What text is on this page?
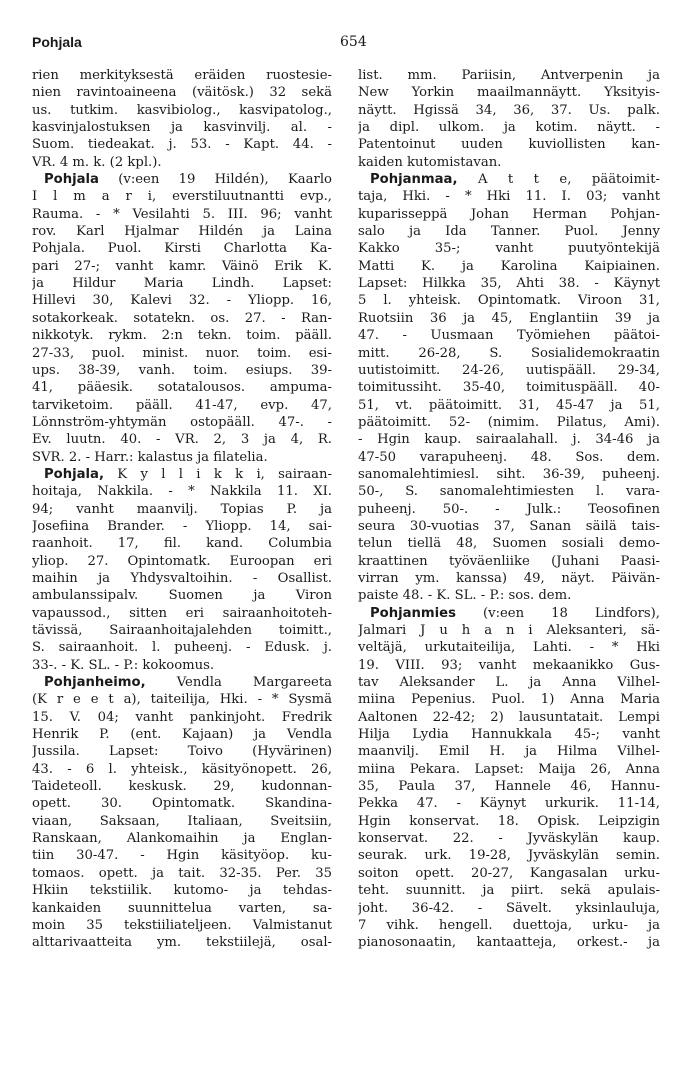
Pohjala	654
rien merkityksestä eräiden ruostesie-
nien ravintoaineena (väitösk.) 32 sekä
us. tutkim. kasvibiolog., kasvipatolog.,
kasvinjalostuksen ja kasvinvilj. al. -
Suom. tiedeakat. j. 53. - Kapt. 44. -
VR. 4 m. k. (2 kpl.).
Pohjala (v:een 19 Hildén), Kaarlo
I l m a r i, everstiluutnantti evp.,
Rauma. - * Vesilahti 5. III. 96; vanht
rov. Karl Hjalmar Hildén ja Laina
Pohjala. Puol. Kirsti Charlotta Ka-
pari 27-; vanht kamr. Väinö Erik K.
ja Hildur Maria Lindh. Lapset:
Hillevi 30, Kalevi 32. - Yliopp. 16,
sotakorkeak. sotatekn. os. 27. - Ran-
nikkotyk. rykm. 2:n tekn. toim. pääll.
27-33, puol. minist. nuor. toim. esi-
ups. 38-39, vanh. toim. esiups. 39-
41, pääesik. sotatalousos. ampuma-
tarviketoim. pääll. 41-47, evp. 47,
Lönnström-yhtymän ostopääll. 47-. -
Ev. luutn. 40. - VR. 2, 3 ja 4, R.
SVR. 2. - Harr.: kalastus ja filatelia.
Pohjala, K y l l i k k i, sairaan-
hoitaja, Nakkila. - * Nakkila 11. XI.
94; vanht maanvilj. Topias P. ja
Josefiina Brander. - Yliopp. 14, sai-
raanhoit. 17, fil. kand. Columbia
yliop. 27. Opintomatk. Euroopan eri
maihin ja Yhdysvaltoihin. - Osallist.
ambulanssipalv. Suomen ja Viron
vapaussod., sitten eri sairaanhoitoteh-
tävissä, Sairaanhoitajalehden toimitt.,
S. sairaanhoit. l. puheenj. - Edusk. j.
33-. - K. SL. - P.: kokoomus.
Pohjanheimo, Vendla Margareeta
(K r e e t a), taiteilija, Hki. - * Sysmä
15. V. 04; vanht pankinjoht. Fredrik
Henrik P. (ent. Kajaan) ja Vendla
Jussila. Lapset: Toivo (Hyvärinen)
43. - 6 l. yhteisk., käsityönopett. 26,
Taideteoll. keskusk. 29, kudonnan-
opett. 30. Opintomatk. Skandina-
viaan, Saksaan, Italiaan, Sveitsiin,
Ranskaan, Alankomaihin ja Englan-
tiin 30-47. - Hgin käsityöop. ku-
tomaos. opett. ja tait. 32-35. Per. 35
Hkiin tekstiilik. kutomo- ja tehdas-
kankaiden suunnittelua varten, sa-
moin 35 tekstiiliateljeen. Valmistanut
alttarivaatteita ym. tekstiilejä, osal-
list. mm. Pariisin, Antverpenin ja
New Yorkin maailmannäytt. Yksityis-
näytt. Hgissä 34, 36, 37. Us. palk.
ja dipl. ulkom. ja kotim. näytt. -
Patentoinut uuden kuviollisten kan-
kaiden kutomistavan.
Pohjanmaa, A t t e, päätoimit-
taja, Hki. - * Hki 11. I. 03; vanht
kuparisseppä Johan Herman Pohjan-
salo ja Ida Tanner. Puol. Jenny
Kakko 35-; vanht puutyöntekijä
Matti K. ja Karolina Kaipiainen.
Lapset: Hilkka 35, Ahti 38. - Käynyt
5 l. yhteisk. Opintomatk. Viroon 31,
Ruotsiin 36 ja 45, Englantiin 39 ja
47. - Uusmaan Työmiehen päätoi-
mitt. 26-28, S. Sosialidemokraatin
uutistoimitt. 24-26, uutispääll. 29-34,
toimitussiht. 35-40, toimituspääll. 40-
51, vt. päätoimitt. 31, 45-47 ja 51,
päätoimitt. 52- (nimim. Pilatus, Ami).
- Hgin kaup. sairaalahall. j. 34-46 ja
47-50 varapuheenj. 48. Sos. dem.
sanomalehtimiesl. siht. 36-39, puheenj.
50-, S. sanomalehtimiesten l. vara-
puheenj. 50-. - Julk.: Teosofinen
seura 30-vuotias 37, Sanan säilä tais-
telun tiellä 48, Suomen sosiali demo-
kraattinen työväenliike (Juhani Paasi-
virran ym. kanssa) 49, näyt. Päivän-
paiste 48. - K. SL. - P.: sos. dem.
Pohjanmies (v:een 18 Lindfors),
Jalmari J u h a n i Aleksanteri, sä-
veltäjä, urkutaiteilija, Lahti. - * Hki
19. VIII. 93; vanht mekaanikko Gus-
tav Aleksander L. ja Anna Vilhel-
miina Pepenius. Puol. 1) Anna Maria
Aaltonen 22-42; 2) lausuntatait. Lempi
Hilja Lydia Hannukkala 45-; vanht
maanvilj. Emil H. ja Hilma Vilhel-
miina Pekara. Lapset: Maija 26, Anna
35, Paula 37, Hannele 46, Hannu-
Pekka 47. - Käynyt urkurik. 11-14,
Hgin konservat. 18. Opisk. Leipzigin
konservat. 22. - Jyväskylän kaup.
seurak. urk. 19-28, Jyväskylän semin.
soiton opett. 20-27, Kangasalan urku-
teht. suunnitt. ja piirt. sekä apulais-
joht. 36-42. - Sävelt. yksinlauluja,
7 vihk. hengell. duettoja, urku- ja
pianosonaatin, kantaatteja, orkest.- ja
